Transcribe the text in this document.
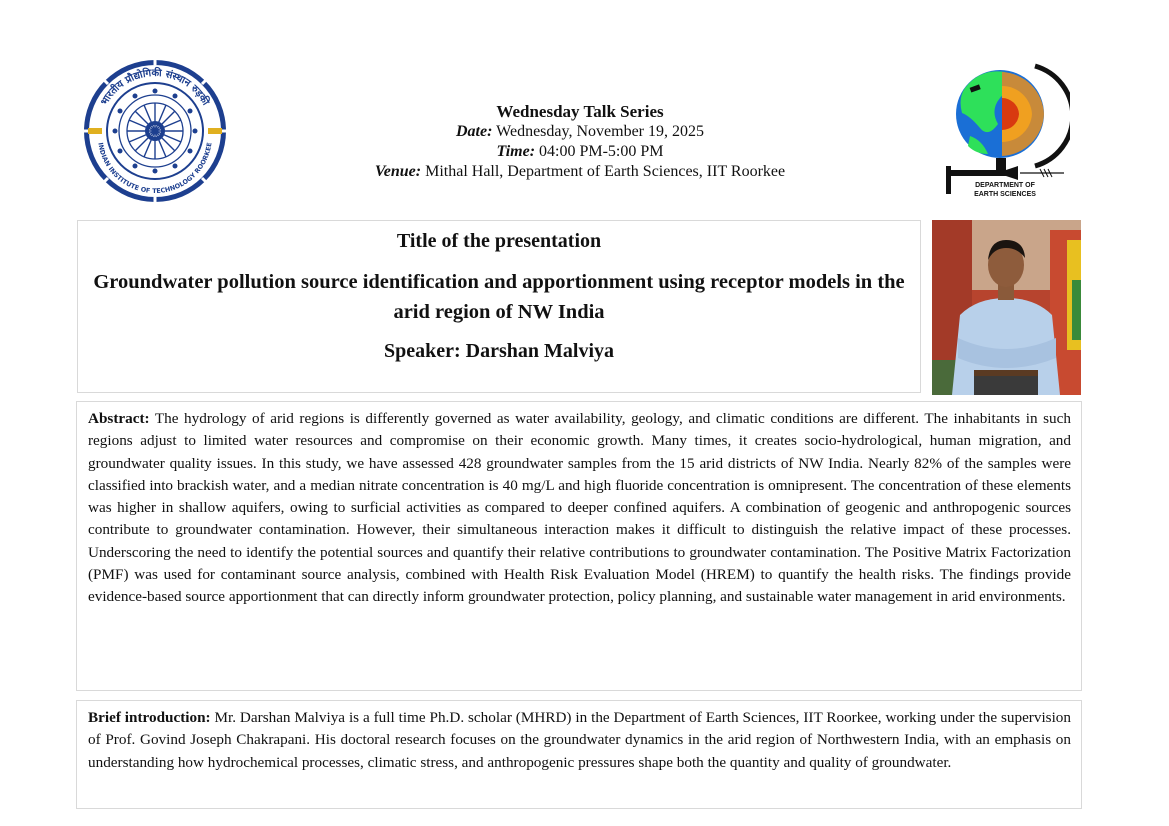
भारतीय प्रौद्योगिकी संस्थान रुड़की
INDIAN INSTITUTE OF TECHNOLOGY ROORKEE
Wednesday Talk Series
Date: Wednesday, November 19, 2025
Time: 04:00 PM-5:00 PM
Venue: Mithal Hall, Department of Earth Sciences, IIT Roorkee
DEPARTMENT OF
EARTH SCIENCES
Title of the presentation
Groundwater pollution source identification and apportionment using receptor models in the arid region of NW India
Speaker: Darshan Malviya
Abstract: The hydrology of arid regions is differently governed as water availability, geology, and climatic conditions are different. The inhabitants in such regions adjust to limited water resources and compromise on their economic growth. Many times, it creates socio-hydrological, human migration, and groundwater quality issues. In this study, we have assessed 428 groundwater samples from the 15 arid districts of NW India. Nearly 82% of the samples were classified into brackish water, and a median nitrate concentration is 40 mg/L and high fluoride concentration is omnipresent. The concentration of these elements was higher in shallow aquifers, owing to surficial activities as compared to deeper confined aquifers. A combination of geogenic and anthropogenic sources contribute to groundwater contamination. However, their simultaneous interaction makes it difficult to distinguish the relative impact of these processes. Underscoring the need to identify the potential sources and quantify their relative contributions to groundwater contamination. The Positive Matrix Factorization (PMF) was used for contaminant source analysis, combined with Health Risk Evaluation Model (HREM) to quantify the health risks. The findings provide evidence-based source apportionment that can directly inform groundwater protection, policy planning, and sustainable water management in arid environments.
Brief introduction: Mr. Darshan Malviya is a full time Ph.D. scholar (MHRD) in the Department of Earth Sciences, IIT Roorkee, working under the supervision of Prof. Govind Joseph Chakrapani. His doctoral research focuses on the groundwater dynamics in the arid region of Northwestern India, with an emphasis on understanding how hydrochemical processes, climatic stress, and anthropogenic pressures shape both the quantity and quality of groundwater.
